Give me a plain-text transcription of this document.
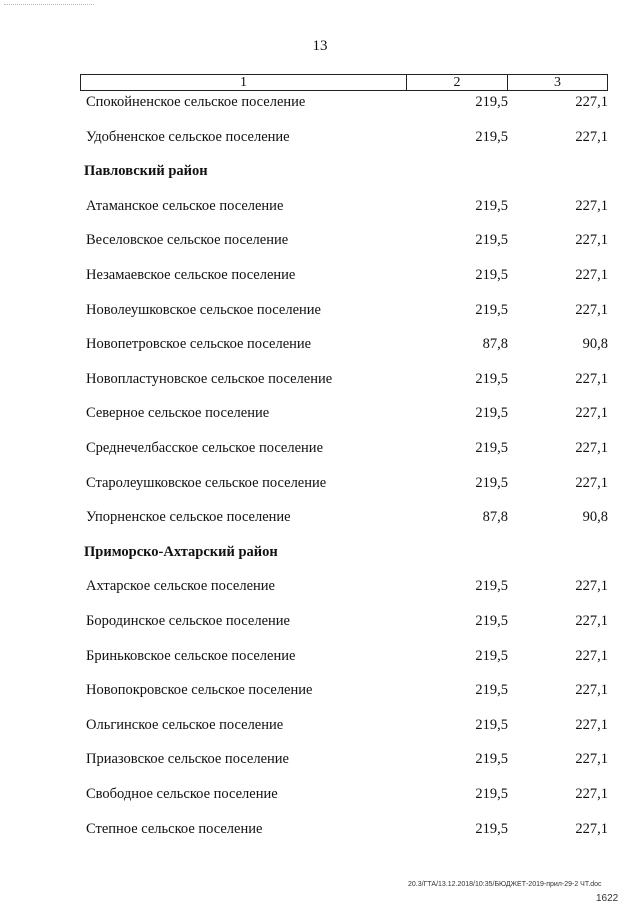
13
1	2	3
Спокойненское сельское поселение	219,5	227,1
Удобненское сельское поселение	219,5	227,1
Павловский район
Атаманское сельское поселение	219,5	227,1
Веселовское сельское поселение	219,5	227,1
Незамаевское сельское поселение	219,5	227,1
Новолеушковское сельское поселение	219,5	227,1
Новопетровское сельское поселение	87,8	90,8
Новопластуновское сельское поселение	219,5	227,1
Северное сельское поселение	219,5	227,1
Среднечелбасское сельское поселение	219,5	227,1
Старолеушковское сельское поселение	219,5	227,1
Упорненское сельское поселение	87,8	90,8
Приморско-Ахтарский район
Ахтарское сельское поселение	219,5	227,1
Бородинское сельское поселение	219,5	227,1
Бриньковское сельское поселение	219,5	227,1
Новопокровское сельское поселение	219,5	227,1
Ольгинское сельское поселение	219,5	227,1
Приазовское сельское поселение	219,5	227,1
Свободное сельское поселение	219,5	227,1
Степное сельское поселение	219,5	227,1
20.3/ГТА/13.12.2018/10:35/БЮДЖЕТ-2019-прил-29-2 ЧТ.doc
1622
